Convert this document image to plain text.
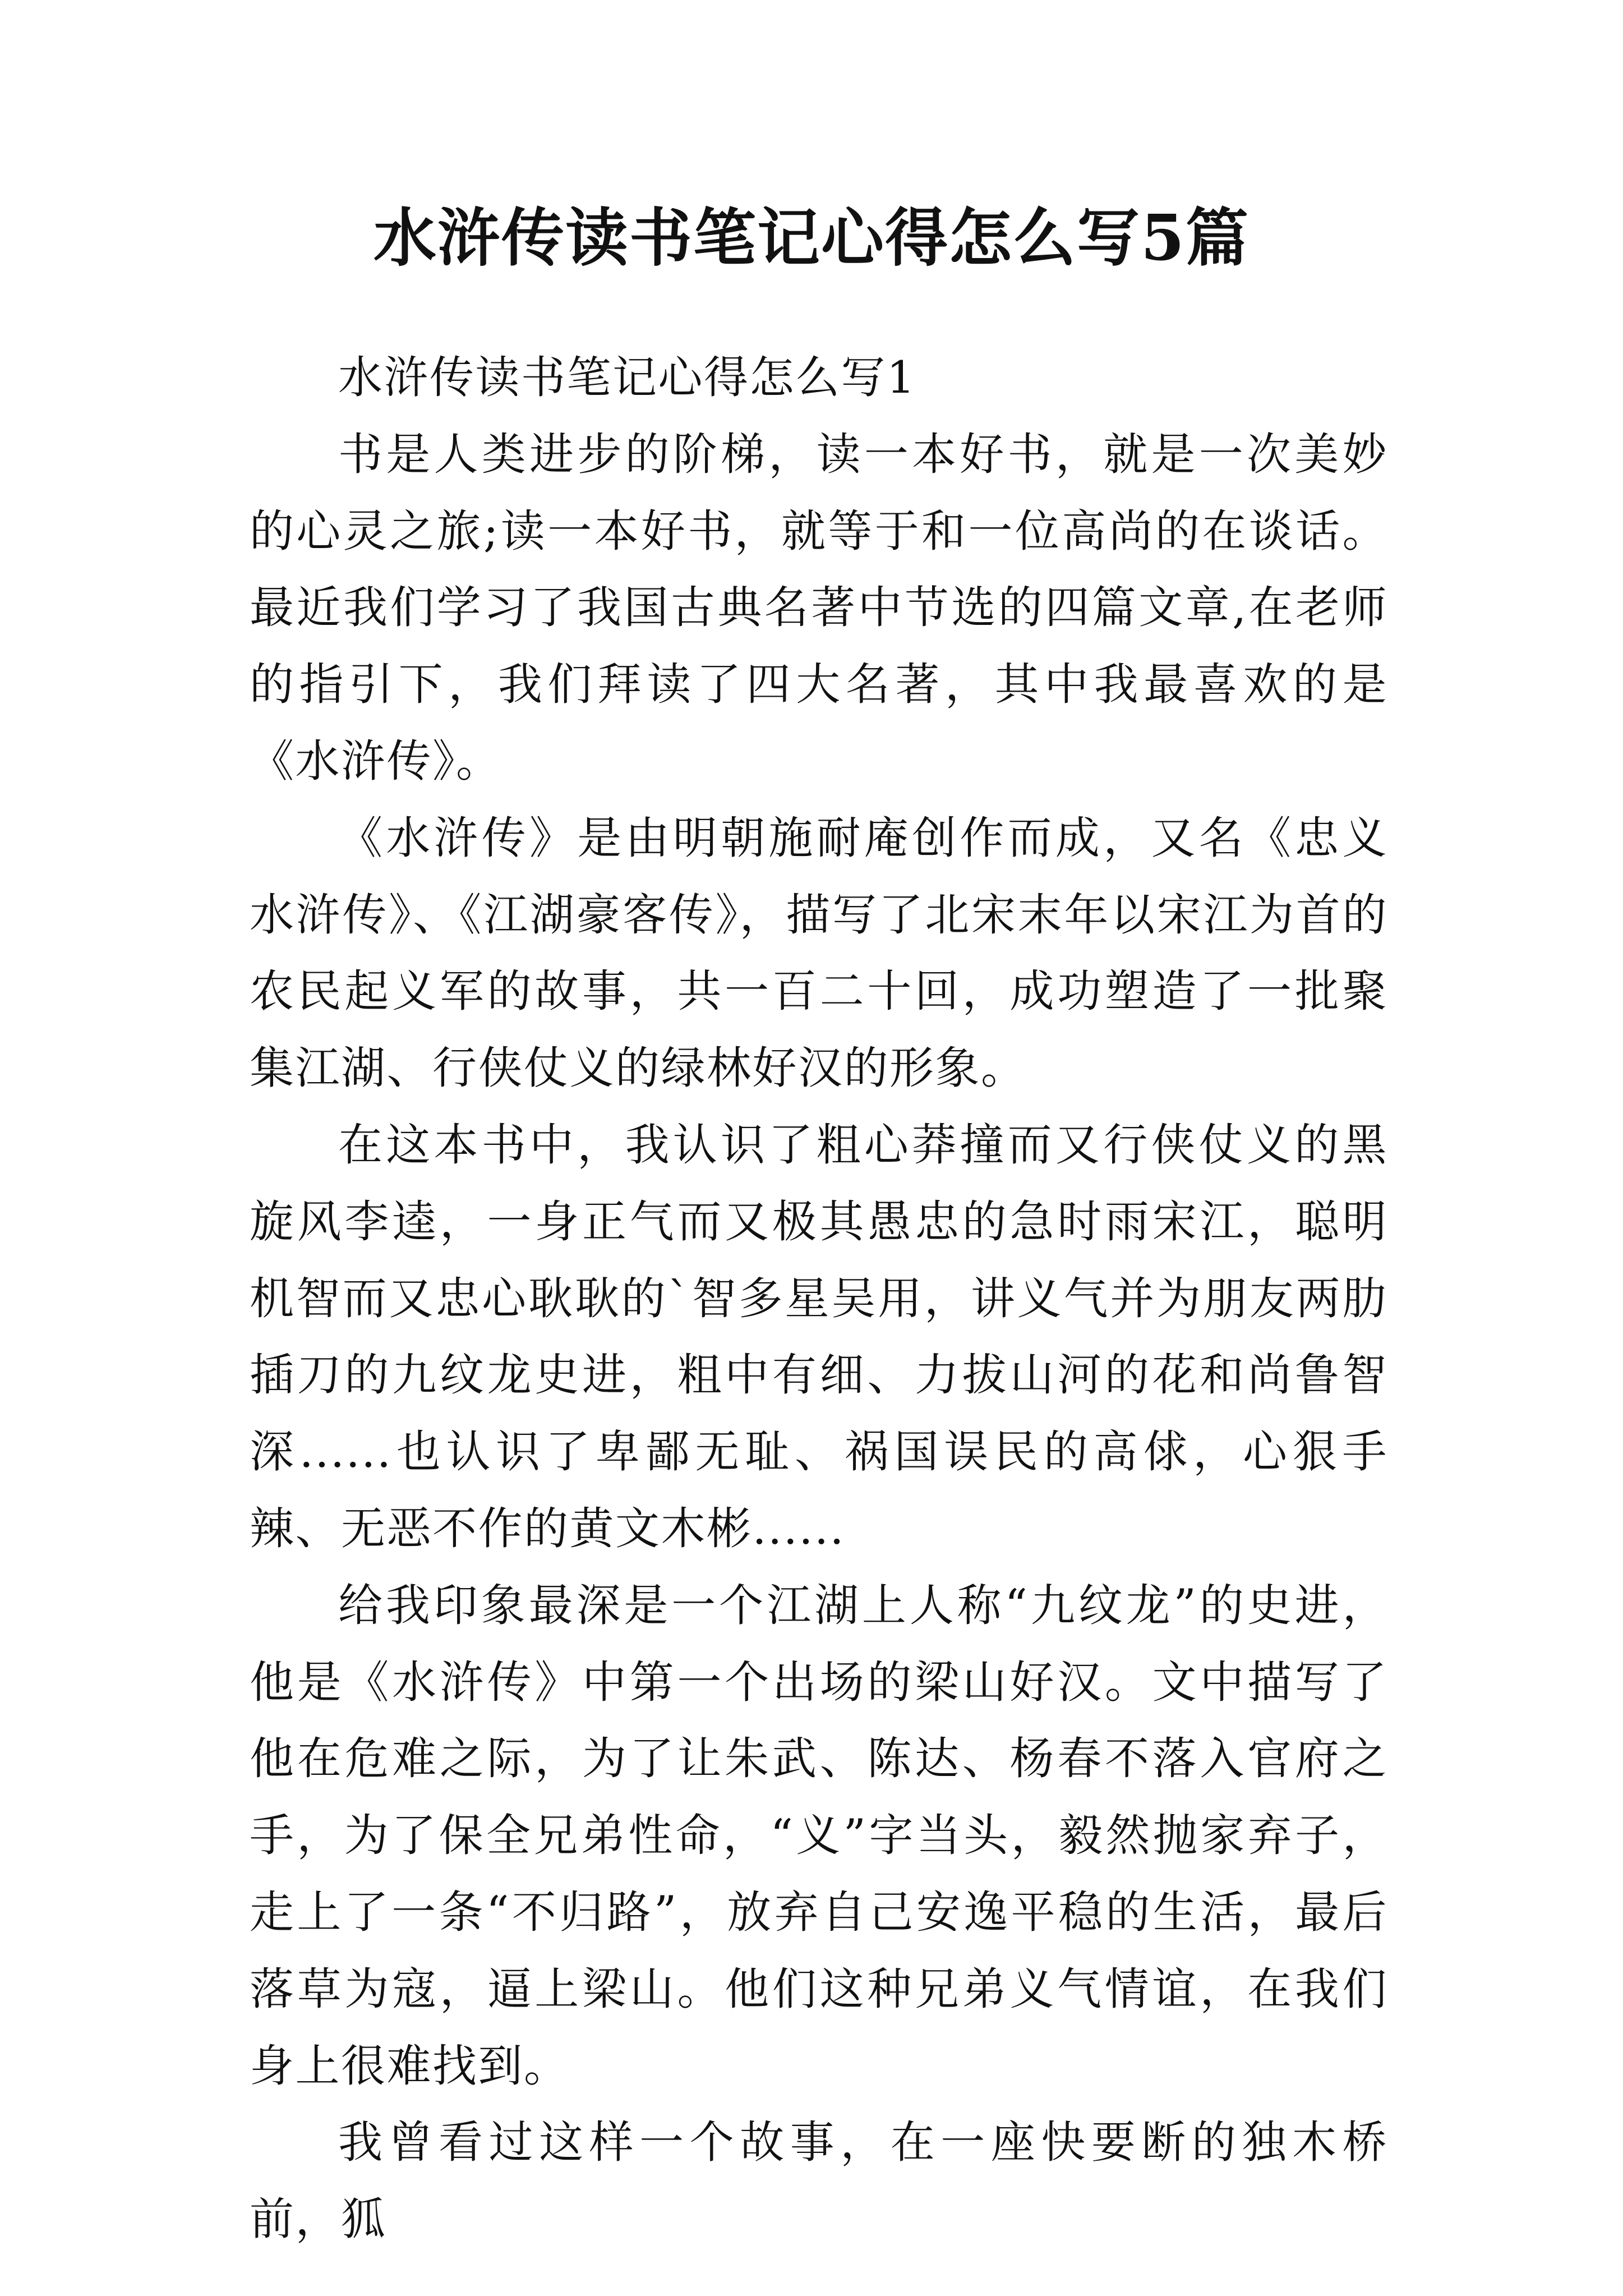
水浒传读书笔记心得怎么写5篇

水浒传读书笔记心得怎么写1

书是人类进步的阶梯，读一本好书，就是一次美妙的心灵之旅;读一本好书，就等于和一位高尚的在谈话。最近我们学习了我国古典名著中节选的四篇文章,在老师的指引下，我们拜读了四大名著，其中我最喜欢的是《水浒传》。

《水浒传》是由明朝施耐庵创作而成，又名《忠义水浒传》、《江湖豪客传》，描写了北宋末年以宋江为首的农民起义军的故事，共一百二十回，成功塑造了一批聚集江湖、行侠仗义的绿林好汉的形象。

在这本书中，我认识了粗心莽撞而又行侠仗义的黑旋风李逵，一身正气而又极其愚忠的急时雨宋江，聪明机智而又忠心耿耿的`智多星吴用，讲义气并为朋友两肋插刀的九纹龙史进，粗中有细、力拔山河的花和尚鲁智深......也认识了卑鄙无耻、祸国误民的高俅，心狠手辣、无恶不作的黄文木彬......

给我印象最深是一个江湖上人称“九纹龙”的史进，他是《水浒传》中第一个出场的梁山好汉。文中描写了他在危难之际，为了让朱武、陈达、杨春不落入官府之手，为了保全兄弟性命，“义”字当头，毅然抛家弃子，走上了一条“不归路”，放弃自己安逸平稳的生活，最后落草为寇，逼上梁山。他们这种兄弟义气情谊，在我们身上很难找到。

我曾看过这样一个故事，在一座快要断的独木桥前，狐
